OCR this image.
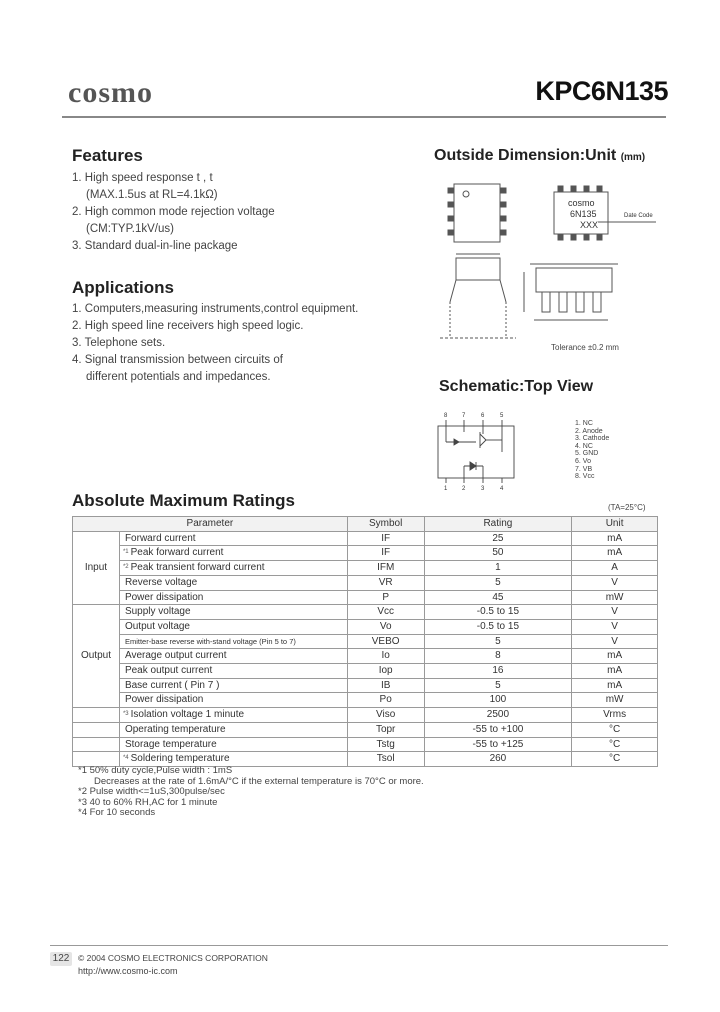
cosmo	KPC6N135
Features
1. High speed response t , t
(MAX.1.5us at RL=4.1kΩ)
2. High common mode rejection voltage
(CM:TYP.1kV/us)
3. Standard dual-in-line package
Applications
1. Computers,measuring instruments,control equipment.
2. High speed line receivers high speed logic.
3. Telephone sets.
4. Signal transmission between circuits of
different potentials and impedances.
Outside Dimension:Unit (mm)
cosmo
6N135
XXX
Date Code
Tolerance ±0.2 mm
Schematic:Top View
8 7	6	5
1 2	3	4
1. NC
2. Anode
3. Cathode
4. NC
5. GND
6. Vo
7. VB
8. Vcc
Absolute Maximum Ratings	(TA=25°C)
Parameter		Symbol	Rating	Unit
Input	Forward current	IF	25	mA
	$^{*1}$ Peak forward current	IF	50	mA
	$^{*2}$ Peak transient forward current	IFM	1	A
	Reverse voltage	VR	5	V
	Power dissipation	P	45	mW
Output	Supply voltage	Vcc	-0.5 to 15	V
	Output voltage	Vo	-0.5 to 15	V
	Emitter-base reverse with-stand voltage (Pin 5 to 7)	VEBO	5	V
	Average output current	Io	8	mA
	Peak output current	Iop	16	mA
	Base current ( Pin 7 )	IB	5	mA
	Power dissipation	Po	100	mW
	$^{*3}$ Isolation voltage 1 minute	Viso	2500	Vrms
	Operating temperature	Topr	-55 to +100	°C
	Storage temperature	Tstg	-55 to +125	°C
	$^{*4}$ Soldering temperature	Tsol	260	°C
*1 50% duty cycle,Pulse width : 1mS
Decreases at the rate of 1.6mA/°C if the external temperature is 70°C or more.
*2 Pulse width<=1uS,300pulse/sec
*3 40 to 60% RH,AC for 1 minute
*4 For 10 seconds
122	© 2004 COSMO ELECTRONICS CORPORATION
http://www.cosmo-ic.com
